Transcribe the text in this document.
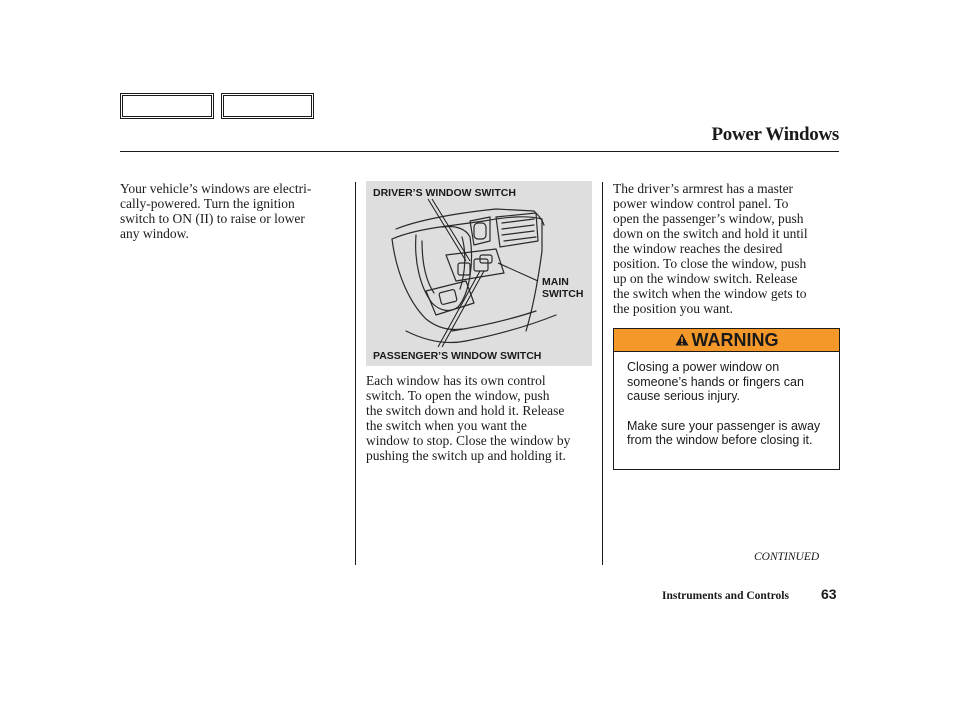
Power Windows
Your vehicle’s windows are electri-
cally-powered. Turn the ignition
switch to ON (II) to raise or lower
any window.
DRIVER’S WINDOW SWITCH
MAIN
SWITCH
PASSENGER’S WINDOW SWITCH
Each window has its own control
switch. To open the window, push
the switch down and hold it. Release
the switch when you want the
window to stop. Close the window by
pushing the switch up and holding it.
The driver’s armrest has a master
power window control panel. To
open the passenger’s window, push
down on the switch and hold it until
the window reaches the desired
position. To close the window, push
up on the window switch. Release
the switch when the window gets to
the position you want.
WARNING

Closing a power window on someone’s hands or fingers can cause serious injury.

Make sure your passenger is away from the window before closing it.

CONTINUED
Instruments and Controls 63
